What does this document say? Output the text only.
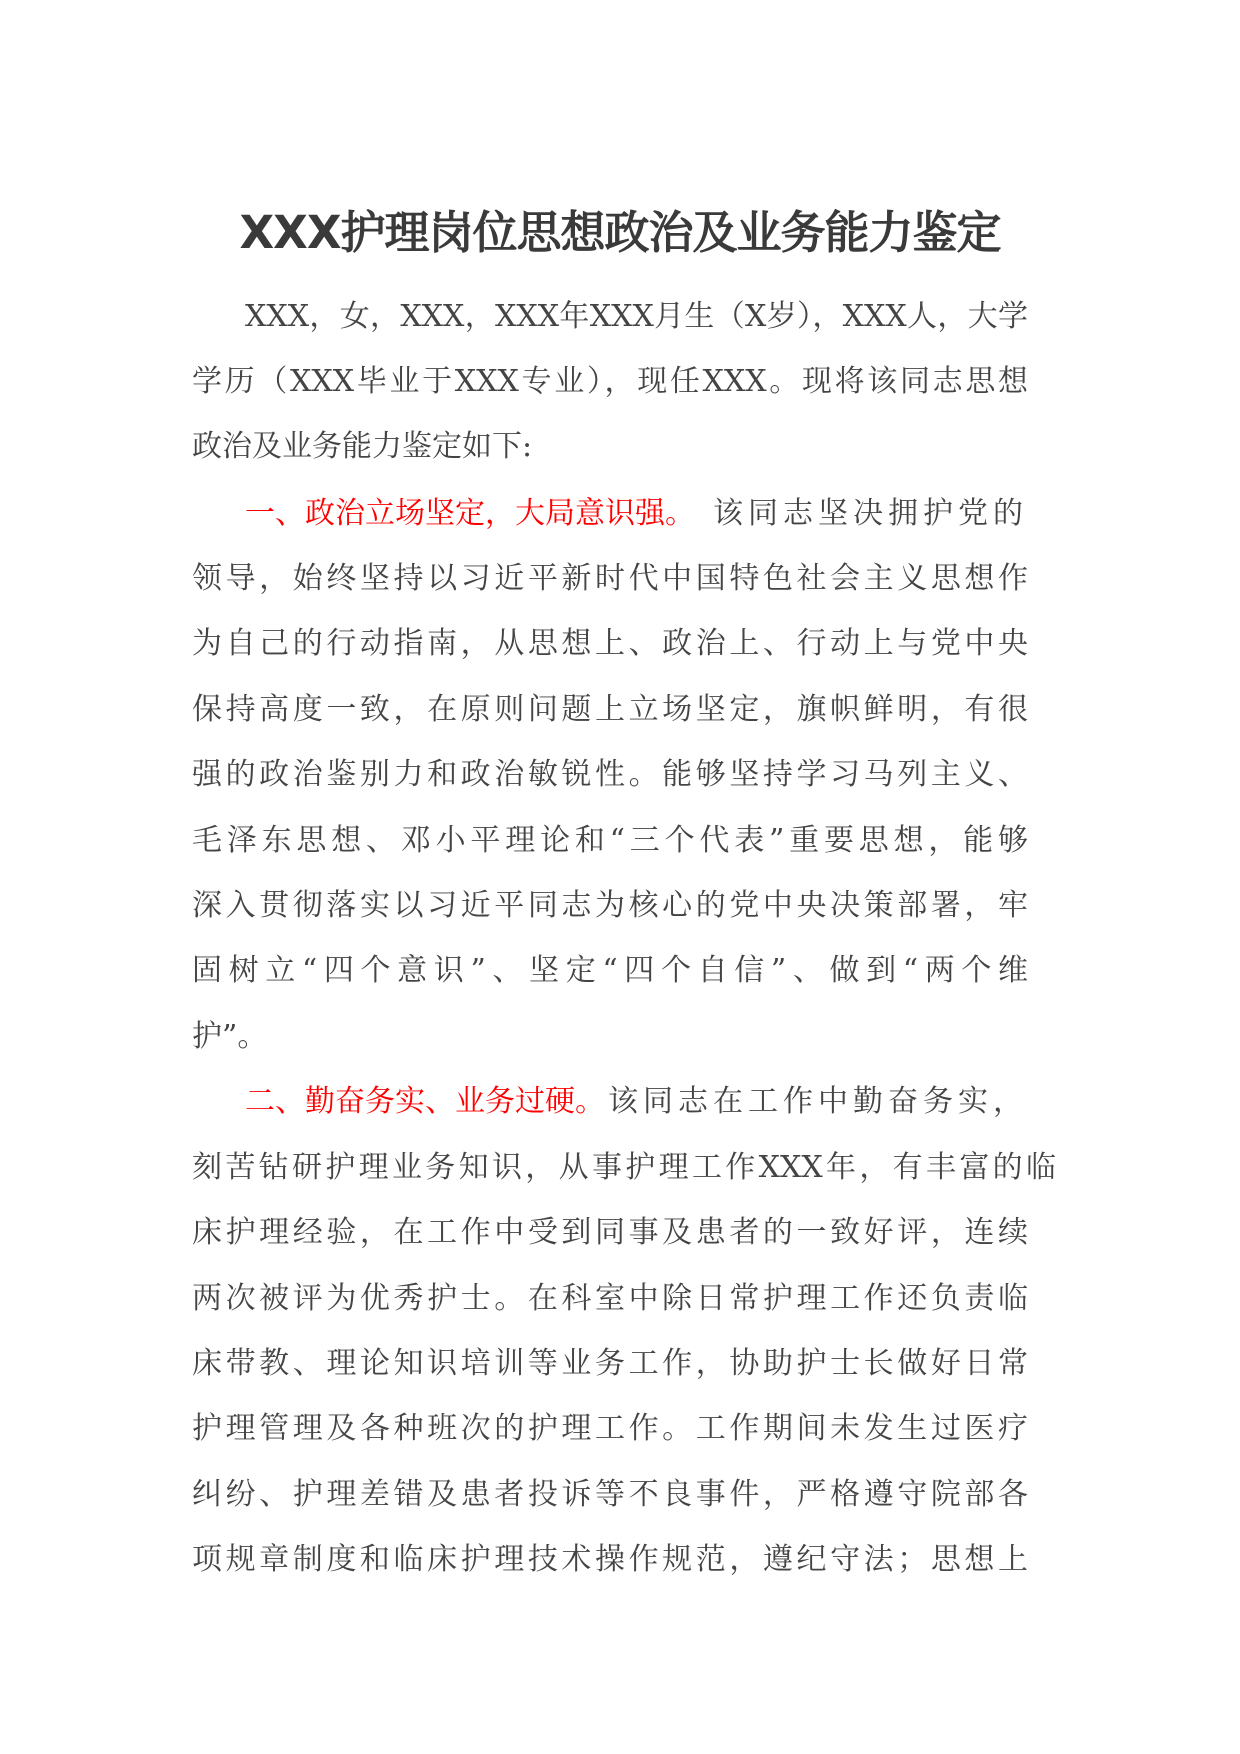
XXX护理岗位思想政治及业务能力鉴定
XXX，女，XXX，XXX年XXX月生（X岁），XXX人，大学
学历（XXX毕业于XXX专业），现任XXX。现将该同志思想
政治及业务能力鉴定如下:
一、政治立场坚定，大局意识强。 该同志坚决拥护党的
领导，始终坚持以习近平新时代中国特色社会主义思想作
为自己的行动指南，从思想上、政治上、行动上与党中央
保持高度一致，在原则问题上立场坚定，旗帜鲜明，有很
强的政治鉴别力和政治敏锐性。能够坚持学习马列主义、
毛泽东思想、邓小平理论和“三个代表”重要思想，能够
深入贯彻落实以习近平同志为核心的党中央决策部署，牢
固树立“四个意识”、坚定“四个自信”、做到“两个维
护”。
二、勤奋务实、业务过硬。 该同志在工作中勤奋务实，
刻苦钻研护理业务知识，从事护理工作XXX年，有丰富的临
床护理经验，在工作中受到同事及患者的一致好评，连续
两次被评为优秀护士。在科室中除日常护理工作还负责临
床带教、理论知识培训等业务工作，协助护士长做好日常
护理管理及各种班次的护理工作。工作期间未发生过医疗
纠纷、护理差错及患者投诉等不良事件，严格遵守院部各
项规章制度和临床护理技术操作规范，遵纪守法；思想上
